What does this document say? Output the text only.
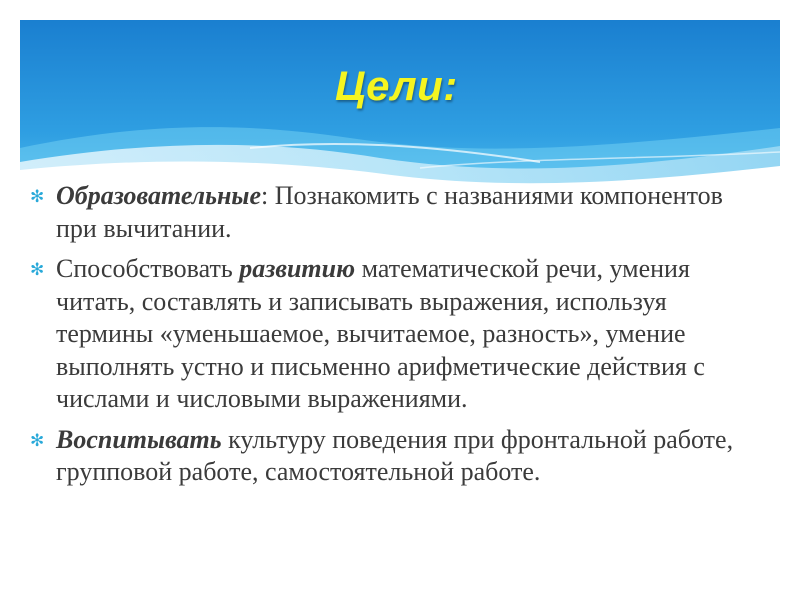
Цели:
✻ Образовательные: Познакомить с названиями компонентов при вычитании.
✻ Способствовать развитию математической речи, умения читать, составлять и записывать выражения, используя термины «уменьшаемое, вычитаемое, разность», умение выполнять устно и письменно арифметические действия с числами и числовыми выражениями.
✻ Воспитывать культуру поведения при фронтальной работе, групповой работе, самостоятельной работе.
